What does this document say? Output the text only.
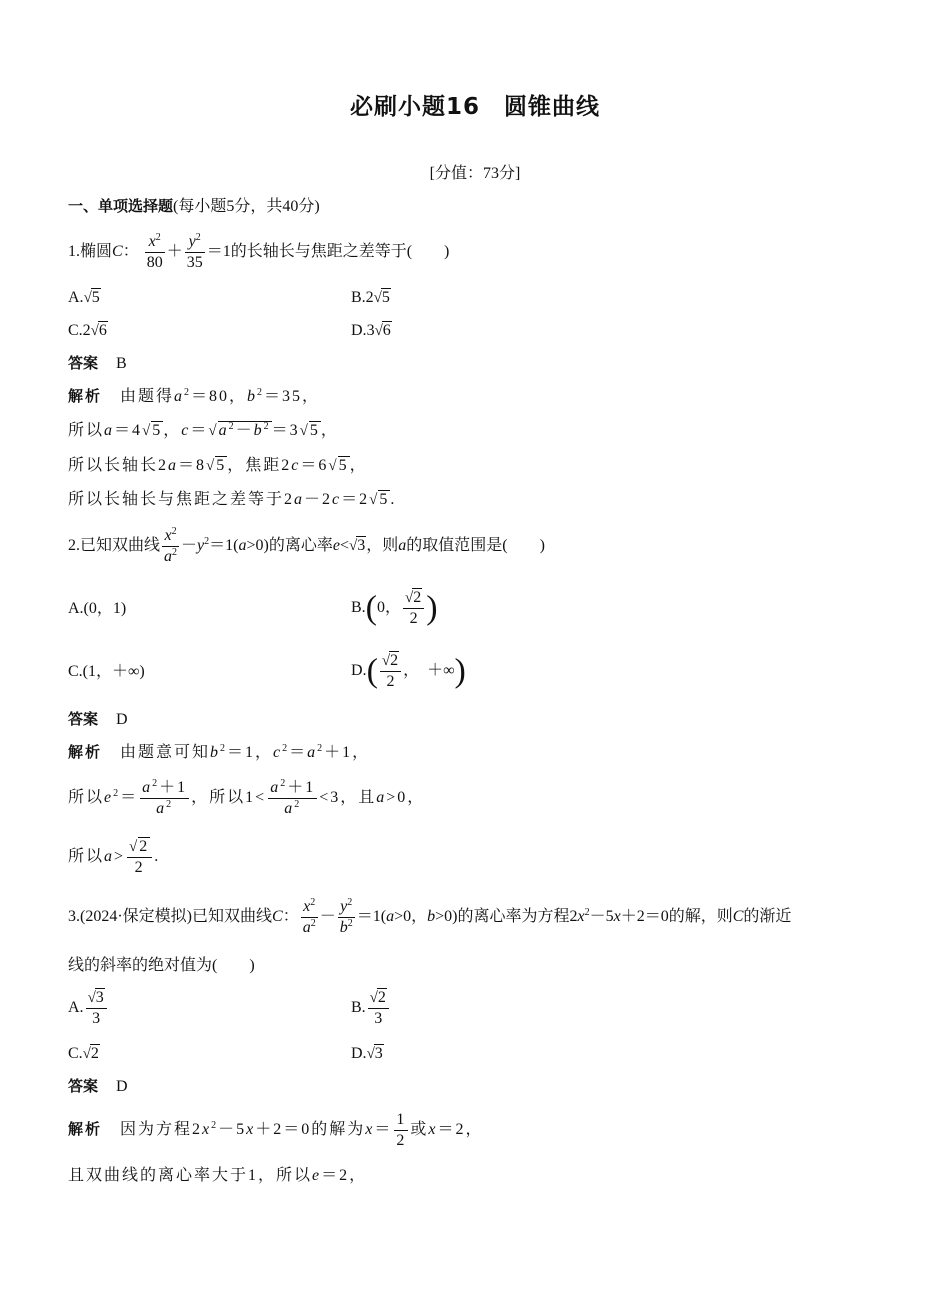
必刷小题16　圆锥曲线
[分值：73分]
一、单项选择题(每小题5分，共40分)
1.椭圆C： $\frac{x^2}{80} + \frac{y^2}{35} =1$的长轴长与焦距之差等于(　　)
A.√5	B.2√5
C.2√6	D.3√6
答案 B
解析 由题得$a^2=80$，$b^2=35$，
所以a＝4√5，$c=√a^2-b^2=3√5$，
所以长轴长2a＝8√5，焦距2c＝6√5，
所以长轴长与焦距之差等于2a－2c＝2√5.
2.已知双曲线 $\frac{x^2}{a^2} -y^2=1(a>0)$的离心率e<√3，则a的取值范围是(　　)
A.(0，1)	B.(0， $\frac{√2}{2}$ )
C.(1，＋∞)	$D.( \frac{√2}{2}$ ，　＋∞)
答案 D
解析 由题意可知$b^2=1$，$c^2=a^2+1$，
所以$e^2= \frac{a^2+1}{a^2}$ ，所以$1< \frac{a^2+1}{a^2} <3$，且a>0，
所以$a> \frac{√2}{2}$ .
3.(2024·保定模拟)已知双曲线C： $\frac{x^2}{a^2} - \frac{y^2}{b^2} =1(a>0$，b>0)的离心率为方程$2x^2-5x+2=0$的解，则C的渐近
线的斜率的绝对值为(　　)
A. $\frac{√3}{3}$	B. $\frac{√2}{3}$
C.√2	D.√3
答案 D
解析 因为方程$2x^2-5x+2=0$的解为$x= \frac{1}{2}$ 或x＝2，
且双曲线的离心率大于1，所以e＝2，
